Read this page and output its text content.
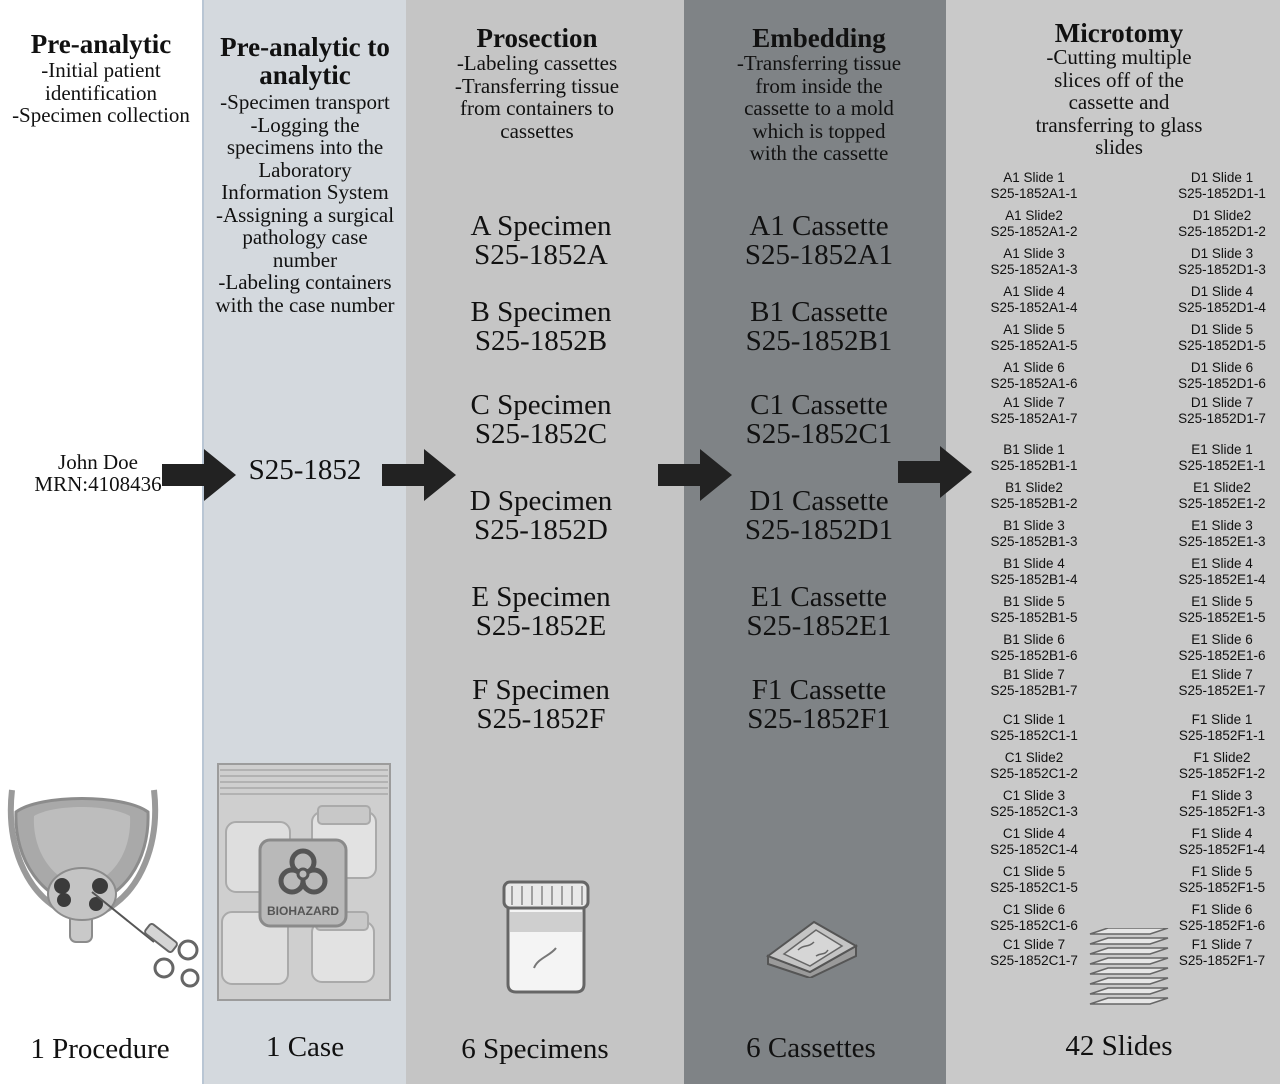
Pre-analytic
-Initial patient
identification
-Specimen collection
John Doe
MRN:4108436
1 Procedure
Pre-analytic to
analytic
-Specimen transport
-Logging the
specimens into the
Laboratory
Information System
-Assigning a surgical
pathology case
number
-Labeling containers
with the case number
S25-1852
BIOHAZARD
1 Case
Prosection
-Labeling cassettes
-Transferring tissue
from containers to
cassettes
A Specimen
S25-1852A
B Specimen
S25-1852B
C Specimen
S25-1852C
D Specimen
S25-1852D
E Specimen
S25-1852E
F Specimen
S25-1852F
6 Specimens
Embedding
-Transferring tissue
from inside the
cassette to a mold
which is topped
with the cassette
A1 Cassette
S25-1852A1
B1 Cassette
S25-1852B1
C1 Cassette
S25-1852C1
D1 Cassette
S25-1852D1
E1 Cassette
S25-1852E1
F1 Cassette
S25-1852F1
6 Cassettes
Microtomy
-Cutting multiple
slices off of the
cassette and
transferring to glass
slides
A1 Slide 1
S25-1852A1-1
A1 Slide2
S25-1852A1-2
A1 Slide 3
S25-1852A1-3
A1 Slide 4
S25-1852A1-4
A1 Slide 5
S25-1852A1-5
A1 Slide 6
S25-1852A1-6
A1 Slide 7
S25-1852A1-7
B1 Slide 1
S25-1852B1-1
B1 Slide2
S25-1852B1-2
B1 Slide 3
S25-1852B1-3
B1 Slide 4
S25-1852B1-4
B1 Slide 5
S25-1852B1-5
B1 Slide 6
S25-1852B1-6
B1 Slide 7
S25-1852B1-7
C1 Slide 1
S25-1852C1-1
C1 Slide2
S25-1852C1-2
C1 Slide 3
S25-1852C1-3
C1 Slide 4
S25-1852C1-4
C1 Slide 5
S25-1852C1-5
C1 Slide 6
S25-1852C1-6
C1 Slide 7
S25-1852C1-7
D1 Slide 1
S25-1852D1-1
D1 Slide2
S25-1852D1-2
D1 Slide 3
S25-1852D1-3
D1 Slide 4
S25-1852D1-4
D1 Slide 5
S25-1852D1-5
D1 Slide 6
S25-1852D1-6
D1 Slide 7
S25-1852D1-7
E1 Slide 1
S25-1852E1-1
E1 Slide2
S25-1852E1-2
E1 Slide 3
S25-1852E1-3
E1 Slide 4
S25-1852E1-4
E1 Slide 5
S25-1852E1-5
E1 Slide 6
S25-1852E1-6
E1 Slide 7
S25-1852E1-7
F1 Slide 1
S25-1852F1-1
F1 Slide2
S25-1852F1-2
F1 Slide 3
S25-1852F1-3
F1 Slide 4
S25-1852F1-4
F1 Slide 5
S25-1852F1-5
F1 Slide 6
S25-1852F1-6
F1 Slide 7
S25-1852F1-7
42 Slides
